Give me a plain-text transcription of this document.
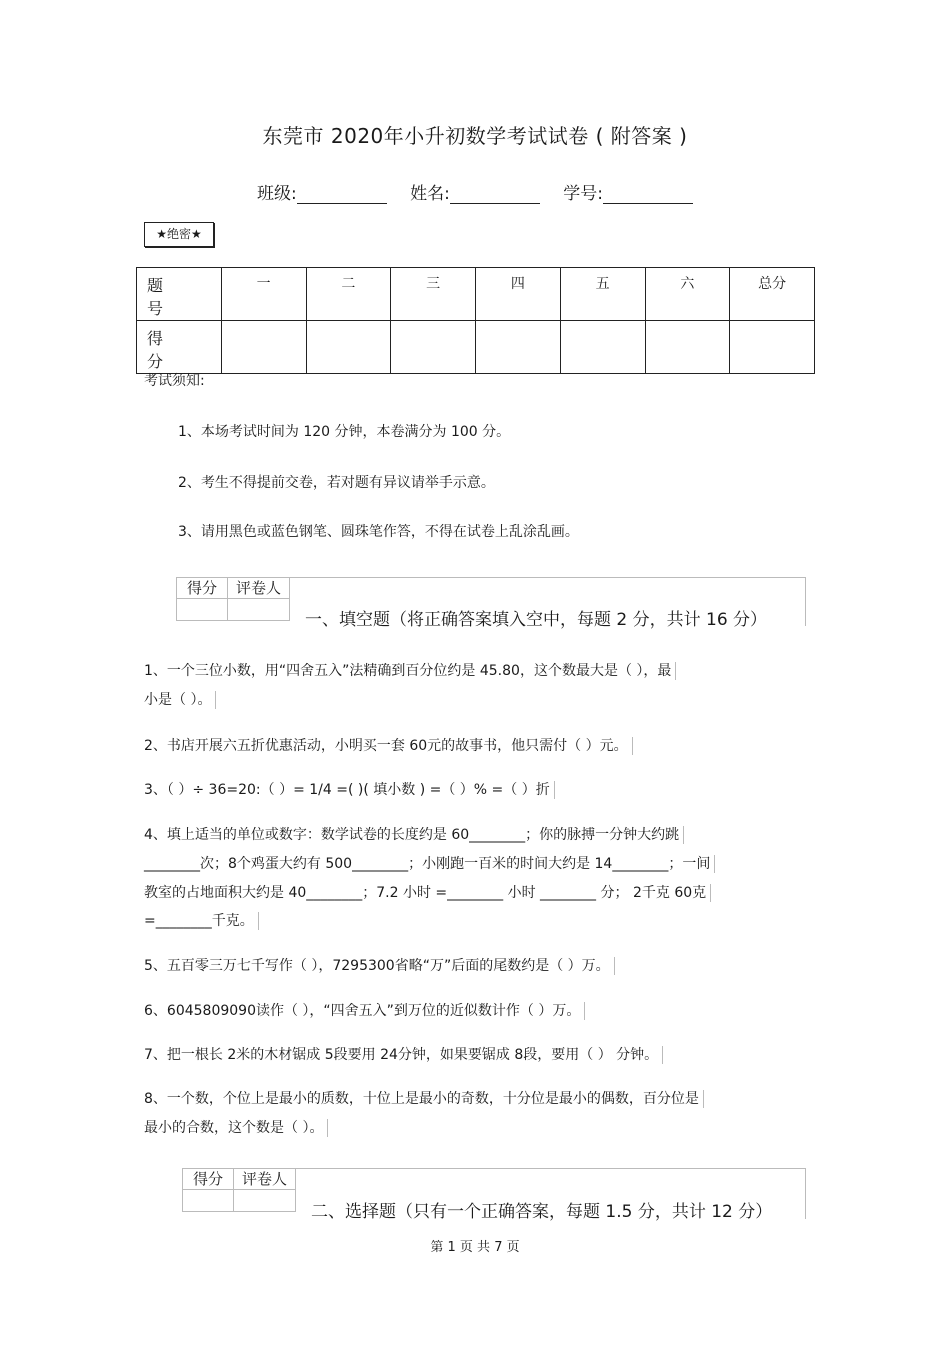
东莞市 2020年小升初数学考试试卷 ( 附答案 )
班级:	姓名:	学号:
★绝密★
题 号	一	二	三	四	五	六	总分
得 分							
考试须知:
1、本场考试时间为 120 分钟，本卷满分为 100 分。
2、考生不得提前交卷，若对题有异议请举手示意。
3、请用黑色或蓝色钢笔、圆珠笔作答，不得在试卷上乱涂乱画。
得分	评卷人
一、填空题（将正确答案填入空中，每题 2 分，共计 16 分）
1、一个三位小数，用“四舍五入”法精确到百分位约是 45.80，这个数最大是（ ），最
小是（ ）。
2、书店开展六五折优惠活动，小明买一套 60元的故事书，他只需付（ ）元。
3、（ ）÷ 36=20:（ ）= 1/4 =( )( 填小数 ) =（ ）% =（ ）折
4、填上适当的单位或数字：数学试卷的长度约是 60________；你的脉搏一分钟大约跳
________次；8个鸡蛋大约有 500________；小刚跑一百米的时间大约是 14________；一间
教室的占地面积大约是 40________；7.2 小时 =________ 小时 ________ 分； 2千克 60克
=________千克。
5、五百零三万七千写作（ ），7295300省略“万”后面的尾数约是（ ）万。
6、6045809090读作（ ），“四舍五入”到万位的近似数计作（ ）万。
7、把一根长 2米的木材锯成 5段要用 24分钟，如果要锯成 8段，要用（ ） 分钟。
8、一个数，个位上是最小的质数，十位上是最小的奇数，十分位是最小的偶数，百分位是
最小的合数，这个数是（ ）。
得分	评卷人
二、选择题（只有一个正确答案，每题 1.5 分，共计 12 分）
第 1 页 共 7 页
